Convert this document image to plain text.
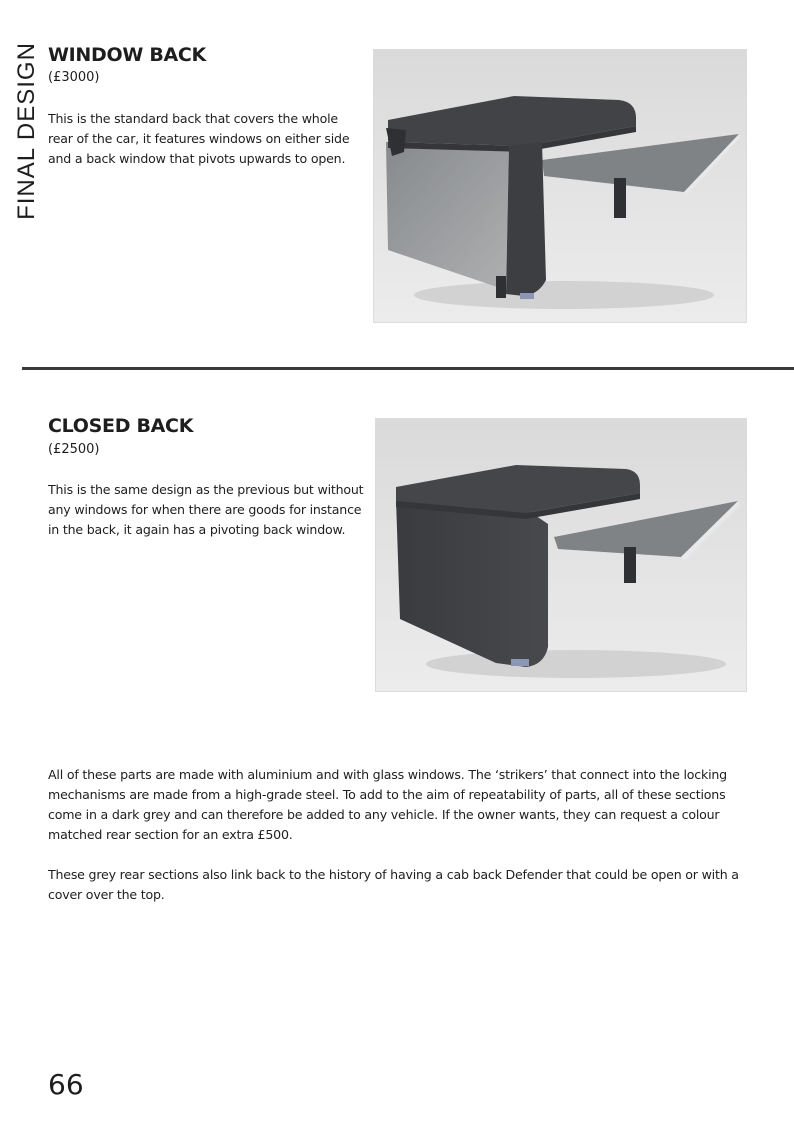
FINAL DESIGN WINDOW BACK
(£3000)

This is the standard back that covers the whole rear of the car, it features windows on either side and a back window that pivots upwards to open.

CLOSED BACK
(£2500)

This is the same design as the previous but without any windows for when there are goods for instance in the back, it again has a pivoting back window.

All of these parts are made with aluminium and with glass windows. The ‘strikers’ that connect into the locking mechanisms are made from a high-grade steel. To add to the aim of repeatability of parts, all of these sections come in a dark grey and can therefore be added to any vehicle. If the owner wants, they can request a colour matched rear section for an extra £500.

These grey rear sections also link back to the history of having a cab back Defender that could be open or with a cover over the top.

66
